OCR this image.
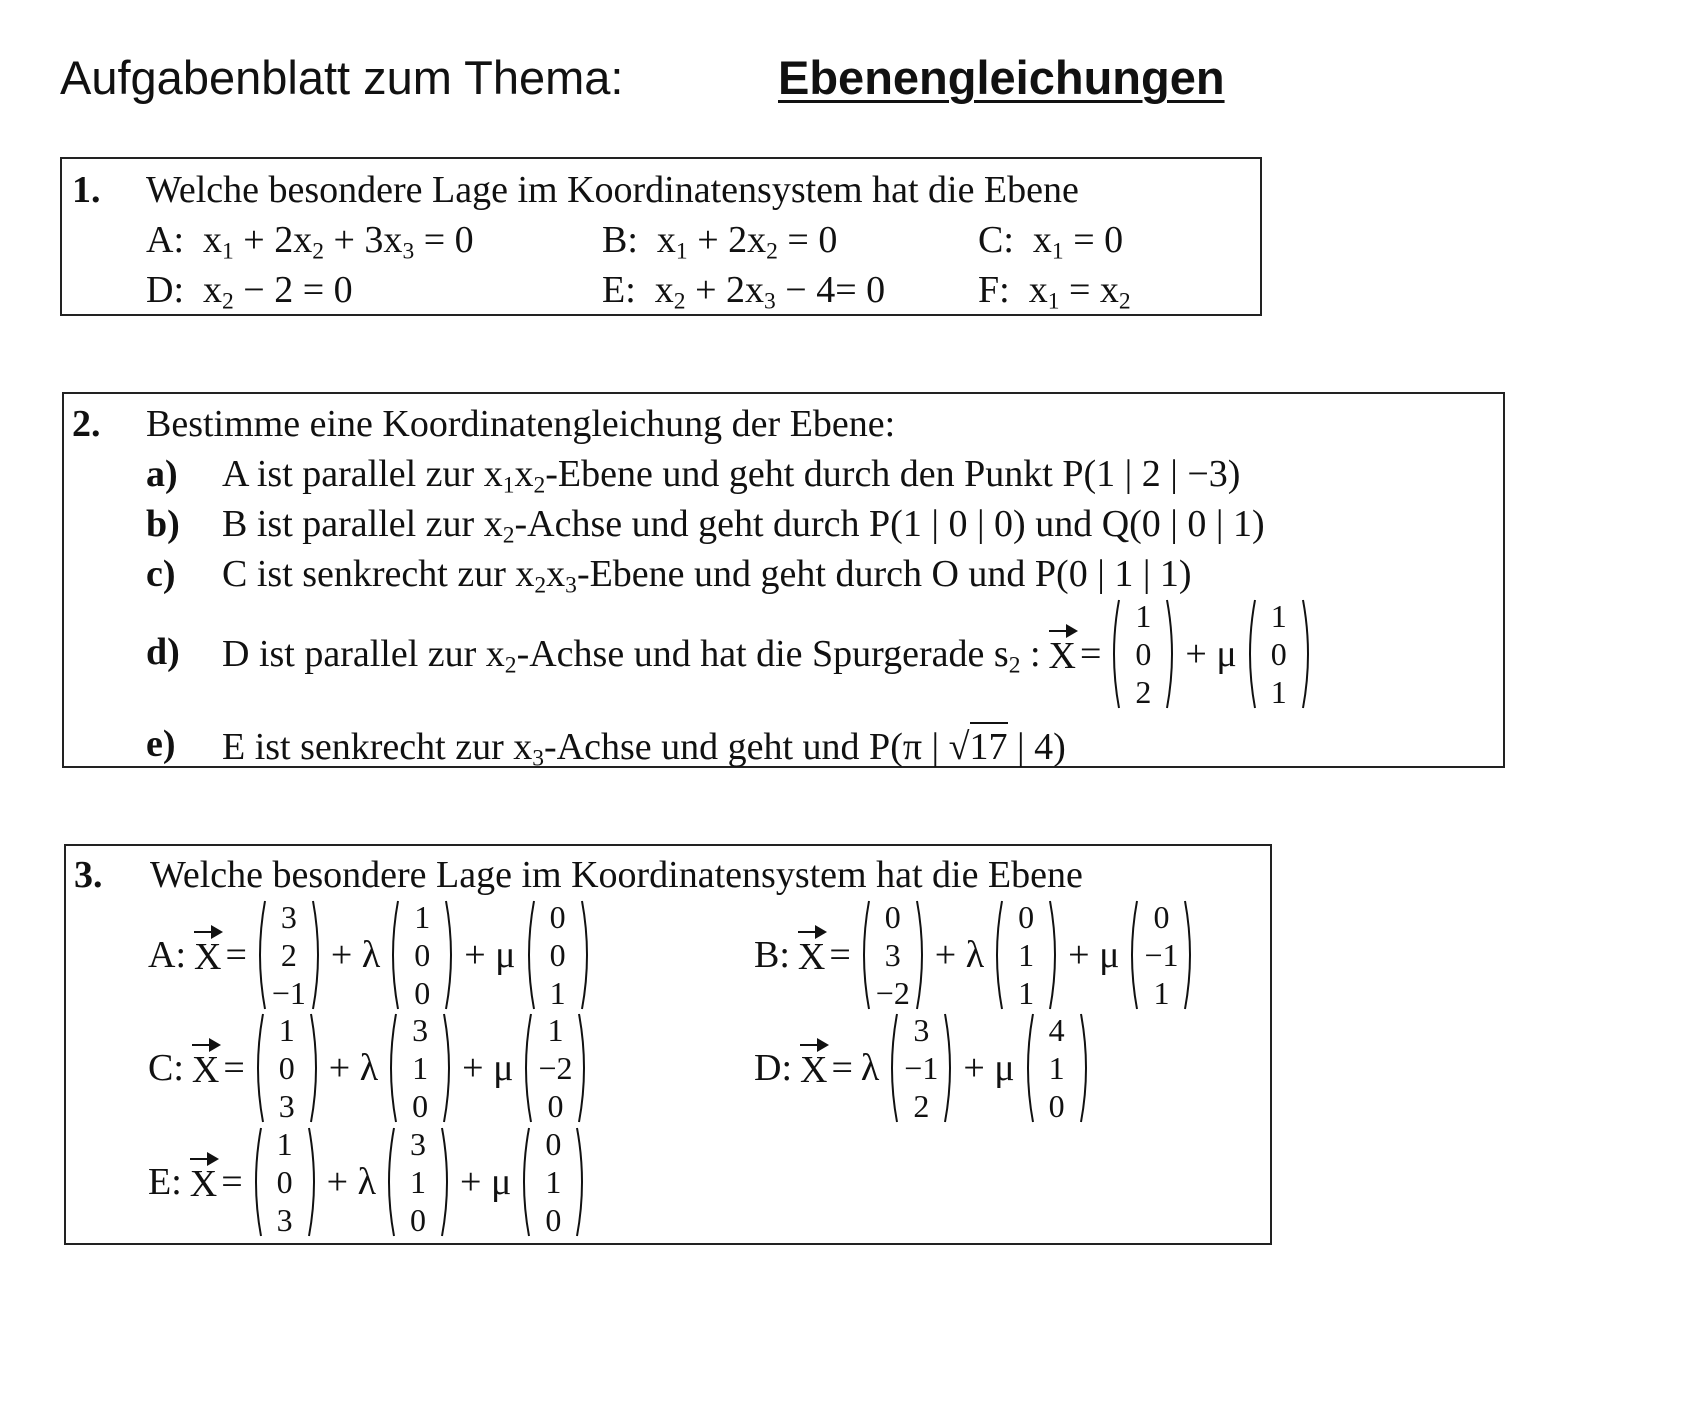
Aufgabenblatt zum Thema:	Ebenengleichungen
1. Welche besondere Lage im Koordinatensystem hat die Ebene
A:  $x_1 + 2x_2 + 3x_3 = 0$	B:  $x_1 + 2x_2 = 0$	C:  $x_1 = 0$
D:  $x_2 - 2 = 0$	E:  $x_2 + 2x_3 - 4= 0$ F:  $x_1 = x_2$
2. Bestimme eine Koordinatengleichung der Ebene:
a) A ist parallel zur $x_1x_2$-Ebene und geht durch den Punkt P(1 | 2 | −3)
b) B ist parallel zur $x_2$-Achse und geht durch P(1 | 0 | 0) und Q(0 | 0 | 1)
c) C ist senkrecht zur $x_2x_3$-Ebene und geht durch O und P(0 | 1 | 1)
d) D ist parallel zur $x_2$-Achse und hat die Spurgerade $s_2$ : X =
1
0
2
+ μ
1
0
1
e) E ist senkrecht zur $x_3$-Achse und geht und P(π | √17 | 4)
3. Welche besondere Lage im Koordinatensystem hat die Ebene
A: X =
3
2
−1
+ λ
1
0
0
+ μ
0
0
1
B: X =
0
3
−2
+ λ
0
1
1
+ μ
0
−1
1
C: X =
1
0
3
+ λ
3
1
0
+ μ
1
−2
0
D: X = λ
3
−1
2
+ μ
4
1
0
E: X =
1
0
3
+ λ
3
1
0
+ μ
0
1
0
